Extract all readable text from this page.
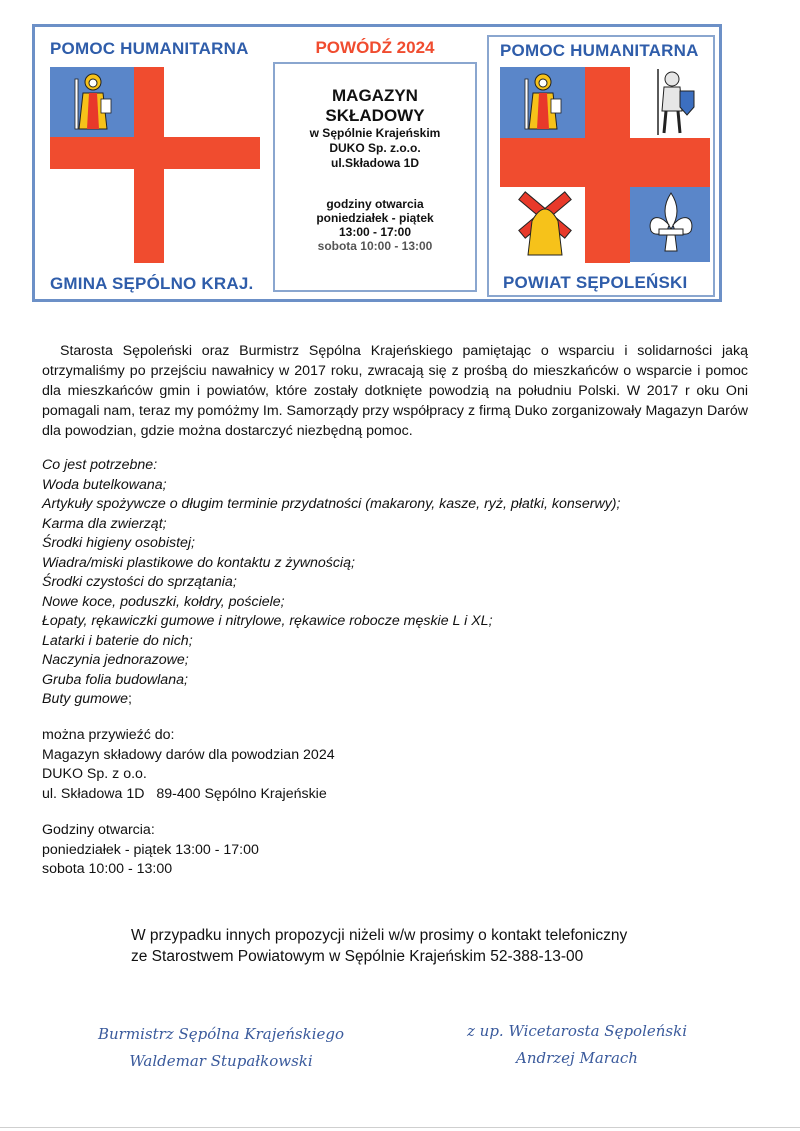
POMOC HUMANITARNA
GMINA SĘPÓLNO KRAJ.
POWÓDŹ 2024
MAGAZYN
SKŁADOWY
w Sępólnie Krajeńskim
DUKO Sp. z.o.o.
ul.Składowa 1D
godziny otwarcia
poniedziałek - piątek
13:00 - 17:00
sobota 10:00 - 13:00
POMOC HUMANITARNA
POWIAT SĘPOLEŃSKI

Starosta Sępoleński oraz Burmistrz Sępólna Krajeńskiego pamiętając o wsparciu i solidarności jaką otrzymaliśmy po przejściu nawałnicy w 2017 roku, zwracają się z prośbą do mieszkańców o wsparcie i pomoc dla mieszkańców gmin i powiatów, które zostały dotknięte powodzią na południu Polski. W 2017 r oku Oni pomagali nam, teraz my pomóżmy Im. Samorządy przy współpracy z firmą Duko zorganizowały Magazyn Darów dla powodzian, gdzie można dostarczyć niezbędną pomoc.

Co jest potrzebne:
Woda butelkowana;
Artykuły spożywcze o długim terminie przydatności (makarony, kasze, ryż, płatki, konserwy);
Karma dla zwierząt;
Środki higieny osobistej;
Wiadra/miski plastikowe do kontaktu z żywnością;
Środki czystości do sprzątania;
Nowe koce, poduszki, kołdry, pościele;
Łopaty, rękawiczki gumowe i nitrylowe, rękawice robocze męskie L i XL;
Latarki i baterie do nich;
Naczynia jednorazowe;
Gruba folia budowlana;
Buty gumowe;
można przywieźć do:
Magazyn składowy darów dla powodzian 2024
DUKO Sp. z o.o.
ul. Składowa 1D   89-400 Sępólno Krajeńskie
Godziny otwarcia:
poniedziałek - piątek 13:00 - 17:00
sobota 10:00 - 13:00
W przypadku innych propozycji niżeli w/w prosimy o kontakt telefoniczny
ze Starostwem Powiatowym w Sępólnie Krajeńskim 52-388-13-00
Burmistrz Sępólna Krajeńskiego
Waldemar Stupałkowski
z up. Wicetarosta Sępoleński
Andrzej Marach
